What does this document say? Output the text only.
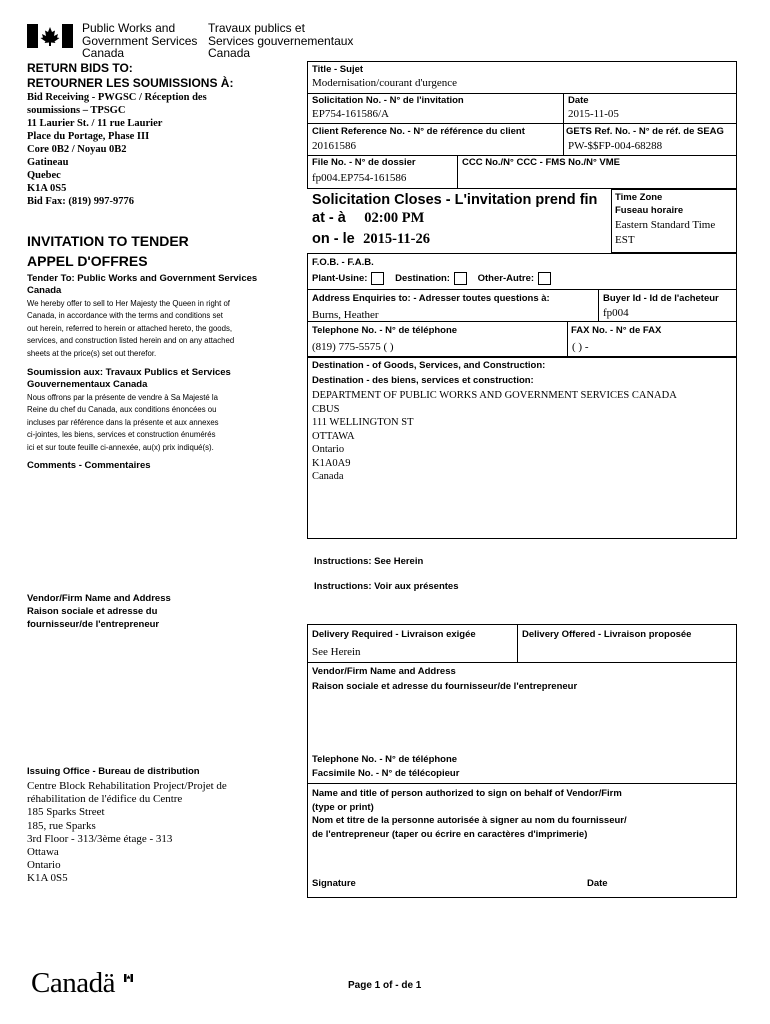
Public Works and
Government Services
Canada
Travaux publics et
Services gouvernementaux
Canada
RETURN BIDS TO:
RETOURNER LES SOUMISSIONS À:
Bid Receiving - PWGSC / Réception des
soumissions – TPSGC
11 Laurier St. / 11 rue Laurier
Place du Portage, Phase III
Core 0B2 / Noyau 0B2
Gatineau
Quebec
K1A 0S5
Bid Fax: (819) 997-9776
INVITATION TO TENDER
APPEL D'OFFRES
Tender To: Public Works and Government Services
Canada
We hereby offer to sell to Her Majesty the Queen in right of
Canada, in accordance with the terms and conditions set
out herein, referred to herein or attached hereto, the goods,
services, and construction listed herein and on any attached
sheets at the price(s) set out therefor.
Soumission aux: Travaux Publics et Services
Gouvernementaux Canada
Nous offrons par la présente de vendre à Sa Majesté la
Reine du chef du Canada, aux conditions énoncées ou
incluses par référence dans la présente et aux annexes
ci-jointes, les biens, services et construction énumérés
ici et sur toute feuille ci-annexée, au(x) prix indiqué(s).
Comments - Commentaires
Vendor/Firm Name and Address
Raison sociale et adresse du
fournisseur/de l'entrepreneur
Issuing Office - Bureau de distribution
Centre Block Rehabilitation Project/Projet de
réhabilitation de l'édifice du Centre
185 Sparks Street
185, rue Sparks
3rd Floor - 313/3ème étage - 313
Ottawa
Ontario
K1A 0S5
Title - Sujet
Modernisation/courant d'urgence
Solicitation No. - N° de l'invitation
EP754-161586/A
Date
2015-11-05
Client Reference No. - N° de référence du client
20161586
GETS Ref. No. - N° de réf. de SEAG
PW-$$FP-004-68288
File No. - N° de dossier
fp004.EP754-161586
CCC No./N° CCC - FMS No./N° VME
Solicitation Closes - L'invitation prend fin
at - à 02:00 PM
on - le 2015-11-26
Time Zone
Fuseau horaire
Eastern Standard Time
EST
F.O.B. - F.A.B.
Plant-Usine:	Destination:	Other-Autre:
Address Enquiries to: - Adresser toutes questions à:
Burns, Heather
Buyer Id - Id de l'acheteur
fp004
Telephone No. - N° de téléphone
(819) 775-5575 ( )
FAX No. - N° de FAX
( ) -
Destination - of Goods, Services, and Construction:
Destination - des biens, services et construction:
DEPARTMENT OF PUBLIC WORKS AND GOVERNMENT SERVICES CANADA
CBUS
111 WELLINGTON ST
OTTAWA
Ontario
K1A0A9
Canada
Instructions: See Herein
Instructions: Voir aux présentes
Delivery Required - Livraison exigée
See Herein
Delivery Offered - Livraison proposée
Vendor/Firm Name and Address
Raison sociale et adresse du fournisseur/de l'entrepreneur
Telephone No. - N° de téléphone
Facsimile No. - N° de télécopieur
Name and title of person authorized to sign on behalf of Vendor/Firm
(type or print)
Nom et titre de la personne autorisée à signer au nom du fournisseur/
de l'entrepreneur (taper ou écrire en caractères d'imprimerie)
Signature	Date
Canadä	Page 1 of - de 1
